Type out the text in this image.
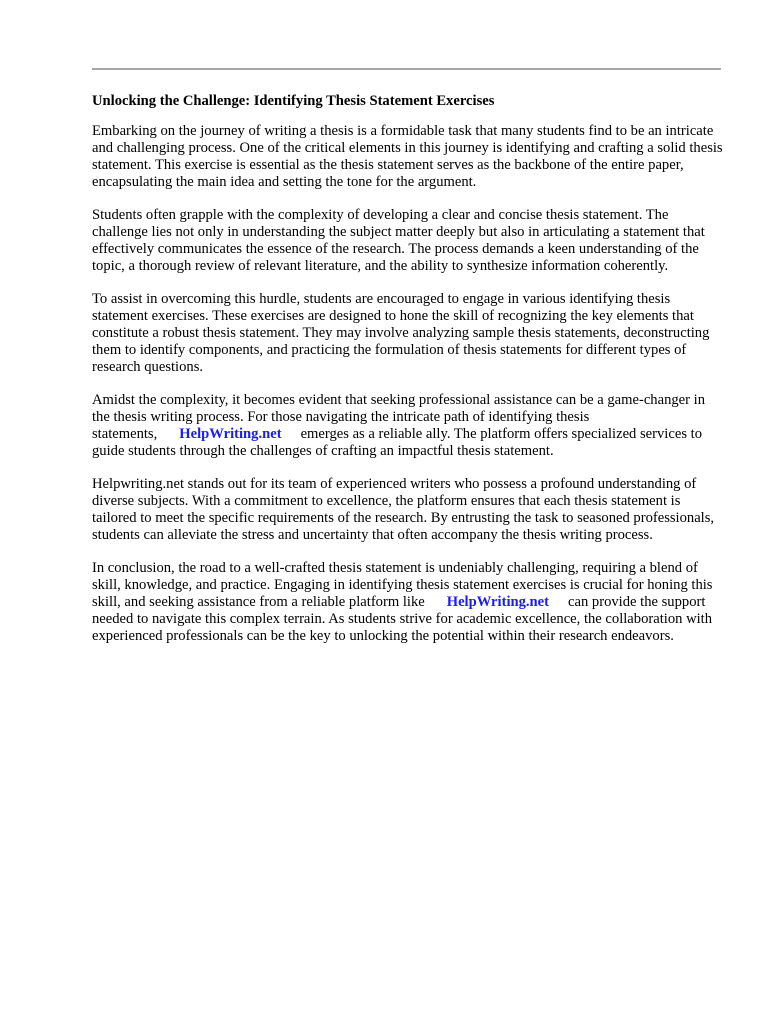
Unlocking the Challenge: Identifying Thesis Statement Exercises

Embarking on the journey of writing a thesis is a formidable task that many students find to be an intricate and challenging process. One of the critical elements in this journey is identifying and crafting a solid thesis statement. This exercise is essential as the thesis statement serves as the backbone of the entire paper, encapsulating the main idea and setting the tone for the argument.

Students often grapple with the complexity of developing a clear and concise thesis statement. The challenge lies not only in understanding the subject matter deeply but also in articulating a statement that effectively communicates the essence of the research. The process demands a keen understanding of the topic, a thorough review of relevant literature, and the ability to synthesize information coherently.

To assist in overcoming this hurdle, students are encouraged to engage in various identifying thesis statement exercises. These exercises are designed to hone the skill of recognizing the key elements that constitute a robust thesis statement. They may involve analyzing sample thesis statements, deconstructing them to identify components, and practicing the formulation of thesis statements for different types of research questions.

Amidst the complexity, it becomes evident that seeking professional assistance can be a game-changer in the thesis writing process. For those navigating the intricate path of identifying thesis statements, HelpWriting.net emerges as a reliable ally. The platform offers specialized services to guide students through the challenges of crafting an impactful thesis statement.

Helpwriting.net stands out for its team of experienced writers who possess a profound understanding of diverse subjects. With a commitment to excellence, the platform ensures that each thesis statement is tailored to meet the specific requirements of the research. By entrusting the task to seasoned professionals, students can alleviate the stress and uncertainty that often accompany the thesis writing process.

In conclusion, the road to a well-crafted thesis statement is undeniably challenging, requiring a blend of skill, knowledge, and practice. Engaging in identifying thesis statement exercises is crucial for honing this skill, and seeking assistance from a reliable platform like HelpWriting.net can provide the support needed to navigate this complex terrain. As students strive for academic excellence, the collaboration with experienced professionals can be the key to unlocking the potential within their research endeavors.
